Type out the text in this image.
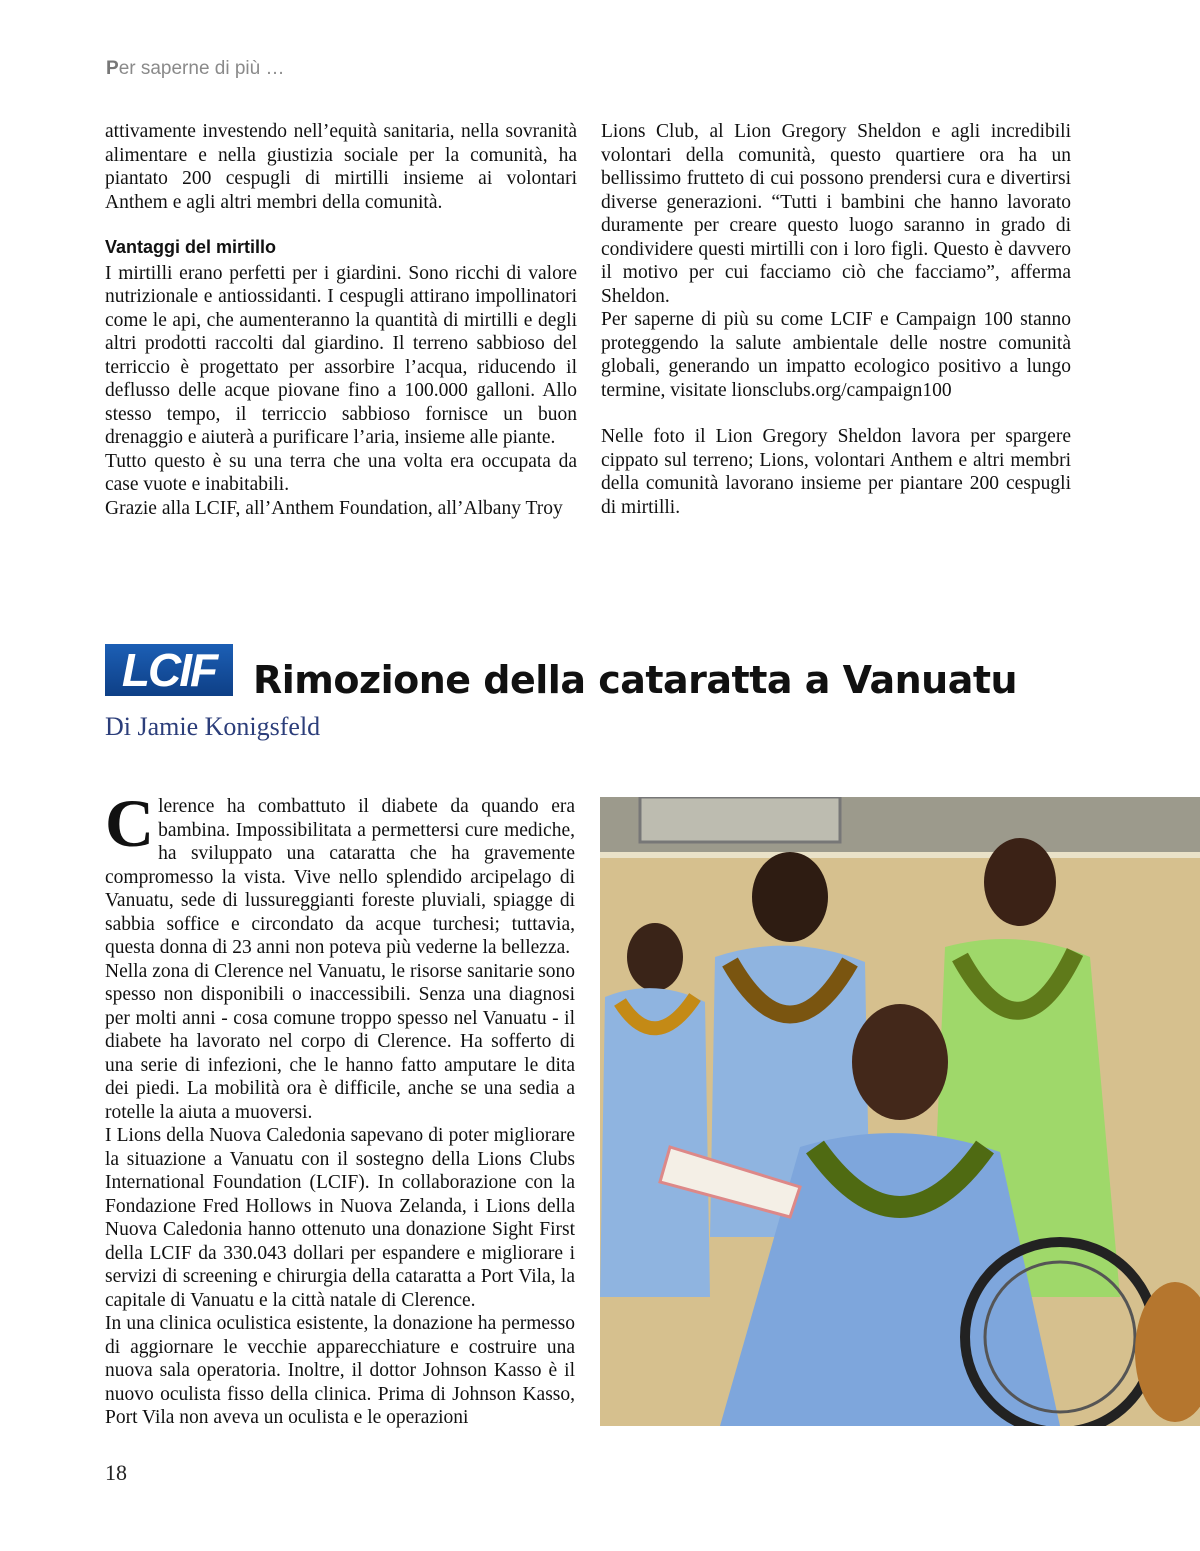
Per saperne di più …

attivamente investendo nell’equità sanitaria, nella sovranità alimentare e nella giustizia sociale per la comunità, ha piantato 200 cespugli di mirtilli insieme ai volontari Anthem e agli altri membri della comunità.

Vantaggi del mirtillo

I mirtilli erano perfetti per i giardini. Sono ricchi di valore nutrizionale e antiossidanti. I cespugli attirano impollinatori come le api, che aumenteranno la quantità di mirtilli e degli altri prodotti raccolti dal giardino. Il terreno sabbioso del terriccio è progettato per assorbire l’acqua, riducendo il deflusso delle acque piovane fino a 100.000 galloni. Allo stesso tempo, il terriccio sabbioso fornisce un buon drenaggio e aiuterà a purificare l’aria, insieme alle piante.

Tutto questo è su una terra che una volta era occupata da case vuote e inabitabili.

Grazie alla LCIF, all’Anthem Foundation, all’Albany Troy

Lions Club, al Lion Gregory Sheldon e agli incredibili volontari della comunità, questo quartiere ora ha un bellissimo frutteto di cui possono prendersi cura e divertirsi diverse generazioni. “Tutti i bambini che hanno lavorato duramente per creare questo luogo saranno in grado di condividere questi mirtilli con i loro figli. Questo è davvero il motivo per cui facciamo ciò che facciamo”, afferma Sheldon.

Per saperne di più su come LCIF e Campaign 100 stanno proteggendo la salute ambientale delle nostre comunità globali, generando un impatto ecologico positivo a lungo termine, visitate lionsclubs.org/campaign100

Nelle foto il Lion Gregory Sheldon lavora per spargere cippato sul terreno; Lions, volontari Anthem e altri membri della comunità lavorano insieme per piantare 200 cespugli di mirtilli.

LCIF Rimozione della cataratta a Vanuatu
Di Jamie Konigsfeld

Clerence ha combattuto il diabete da quando era bambina. Impossibilitata a permettersi cure mediche, ha sviluppato una cataratta che ha gravemente compromesso la vista. Vive nello splendido arcipelago di Vanuatu, sede di lussureggianti foreste pluviali, spiagge di sabbia soffice e circondato da acque turchesi; tuttavia, questa donna di 23 anni non poteva più vederne la bellezza.

Nella zona di Clerence nel Vanuatu, le risorse sanitarie sono spesso non disponibili o inaccessibili. Senza una diagnosi per molti anni - cosa comune troppo spesso nel Vanuatu - il diabete ha lavorato nel corpo di Clerence. Ha sofferto di una serie di infezioni, che le hanno fatto amputare le dita dei piedi. La mobilità ora è difficile, anche se una sedia a rotelle la aiuta a muoversi.

I Lions della Nuova Caledonia sapevano di poter migliorare la situazione a Vanuatu con il sostegno della Lions Clubs International Foundation (LCIF). In collaborazione con la Fondazione Fred Hollows in Nuova Zelanda, i Lions della Nuova Caledonia hanno ottenuto una donazione Sight First della LCIF da 330.043 dollari per espandere e migliorare i servizi di screening e chirurgia della cataratta a Port Vila, la capitale di Vanuatu e la città natale di Clerence.

In una clinica oculistica esistente, la donazione ha permesso di aggiornare le vecchie apparecchiature e costruire una nuova sala operatoria. Inoltre, il dottor Johnson Kasso è il nuovo oculista fisso della clinica. Prima di Johnson Kasso, Port Vila non aveva un oculista e le operazioni

18
